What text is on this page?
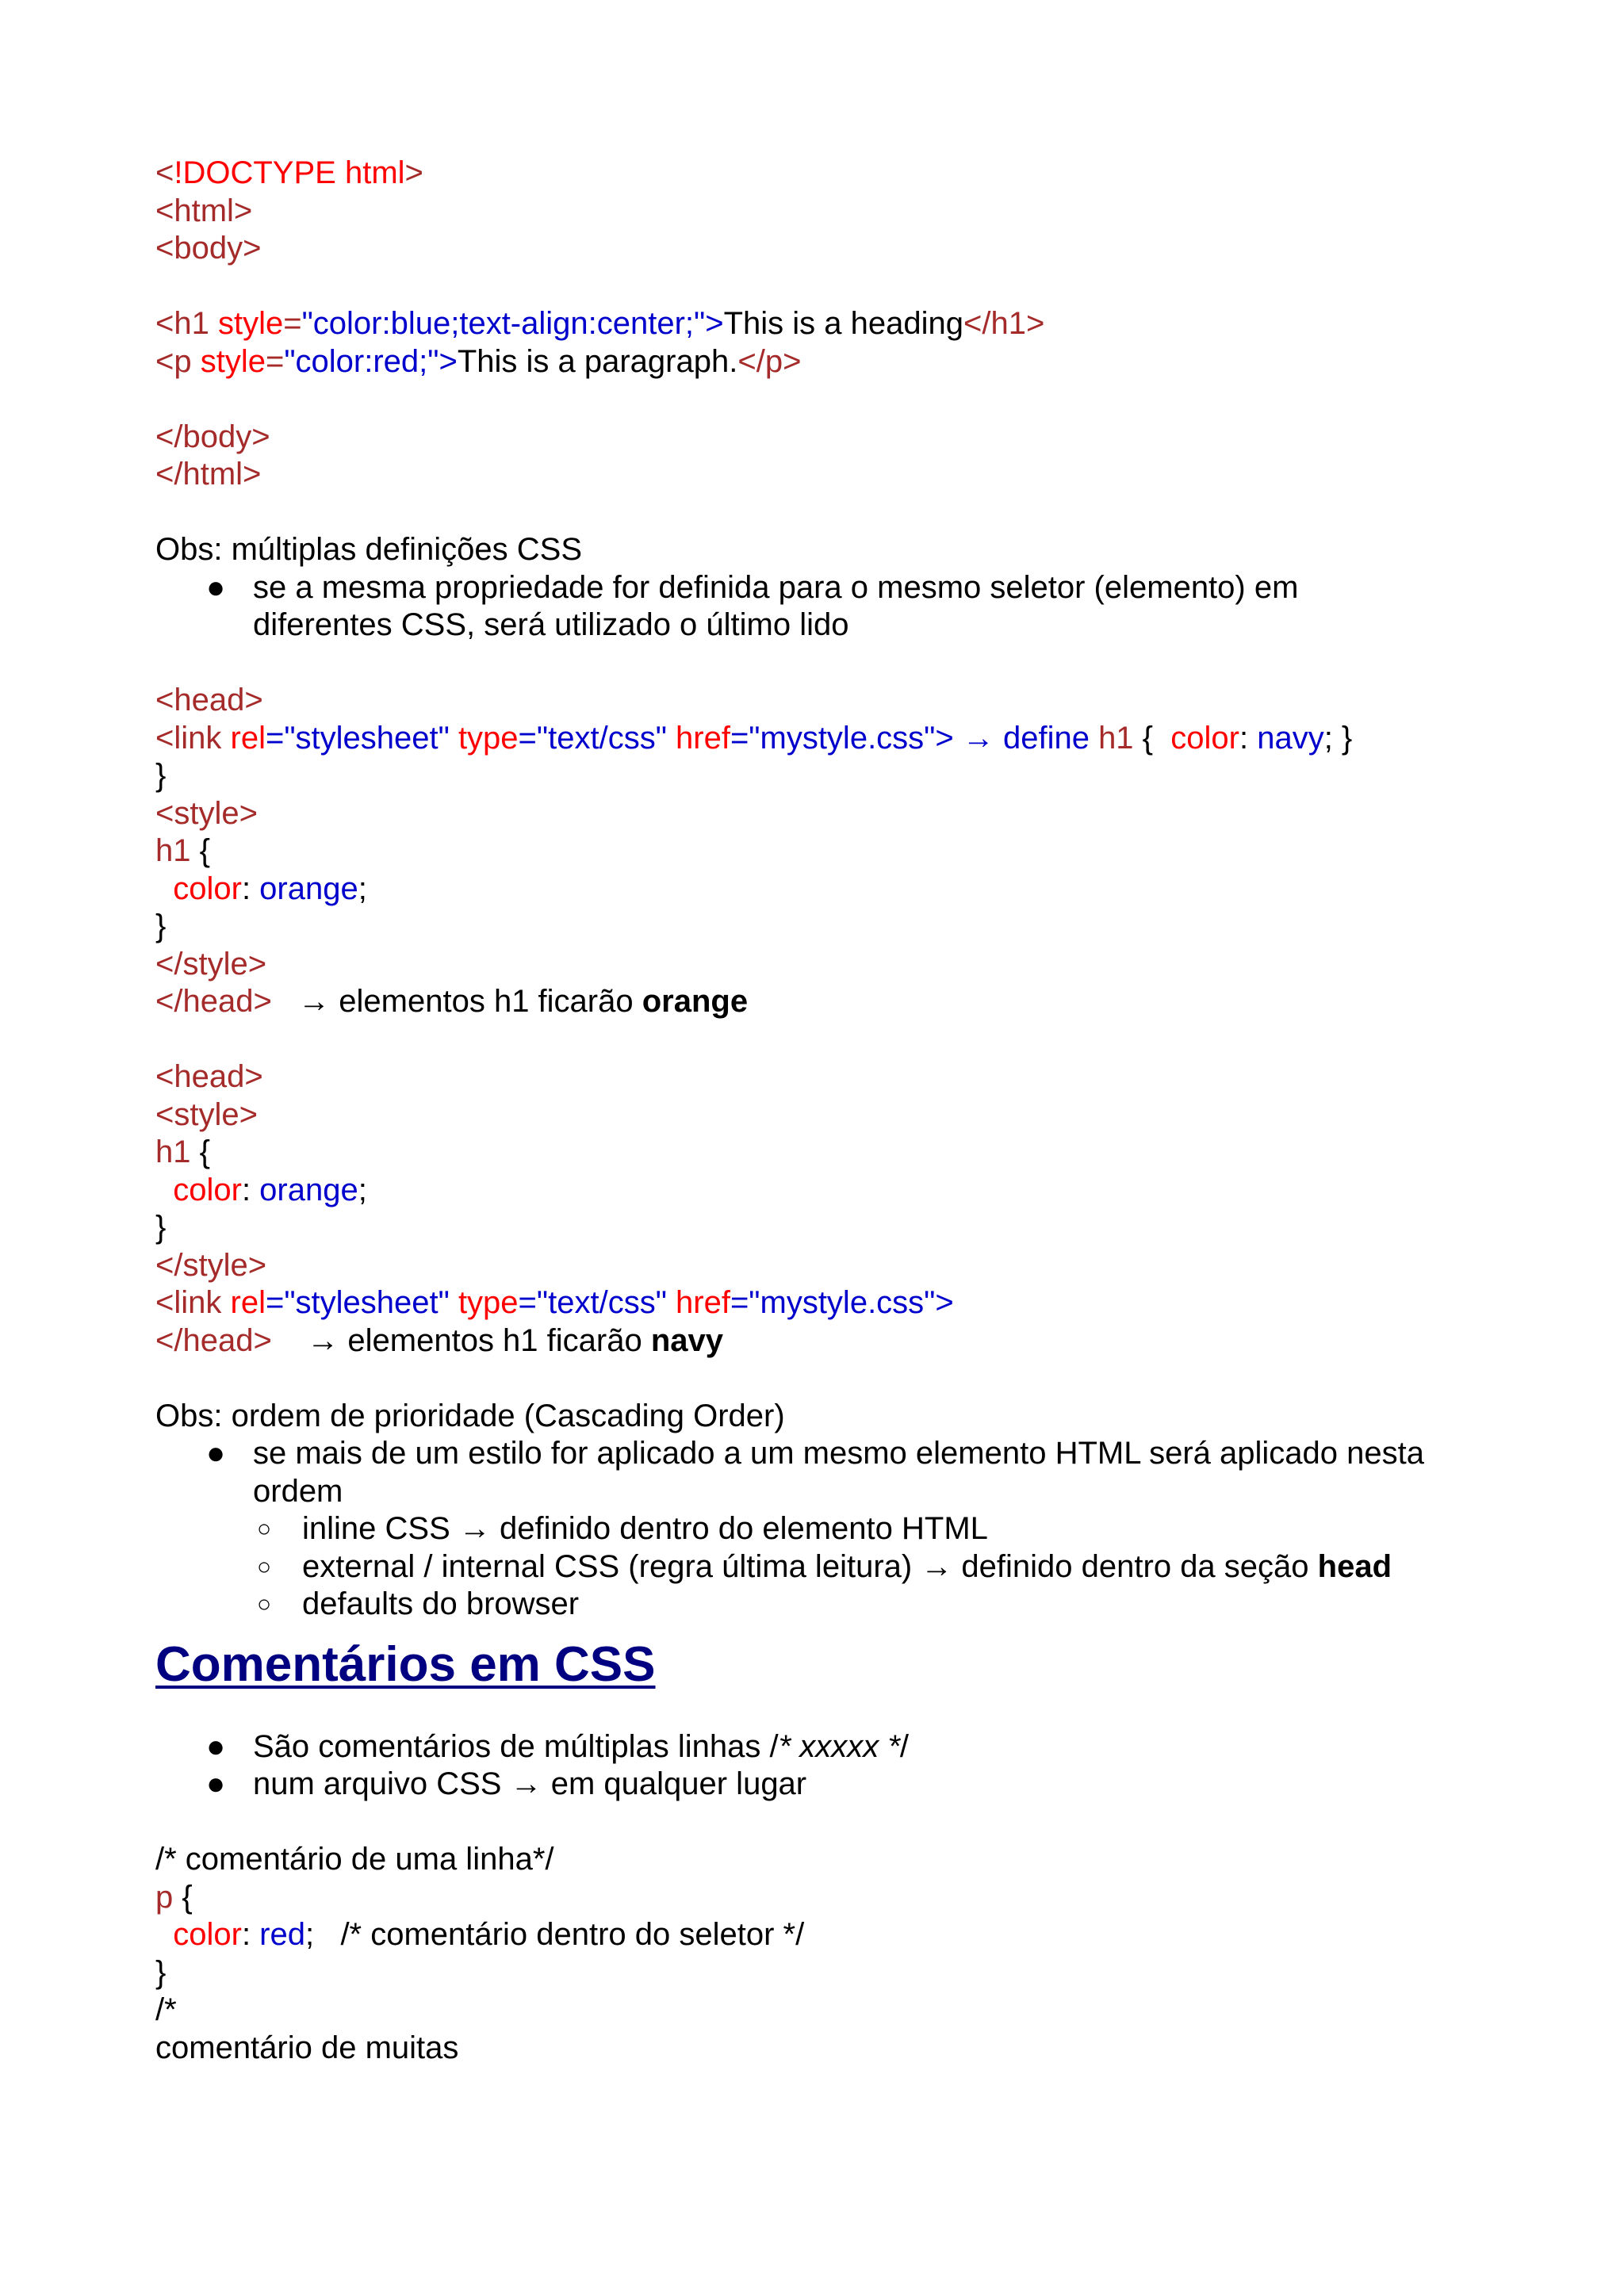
<!DOCTYPE html>
<html>
<body>
<h1 style="color:blue;text-align:center;">This is a heading</h1>
<p style="color:red;">This is a paragraph.</p>
</body>
</html>
Obs: múltiplas definições CSS
● se a mesma propriedade for definida para o mesmo seletor (elemento) em
diferentes CSS, será utilizado o último lido
<head>
<link rel="stylesheet" type="text/css" href="mystyle.css"> → define h1 {  color: navy; }
}
<style>
h1 {
color: orange;
}
</style>
</head>   → elementos h1 ficarão orange
<head>
<style>
h1 {
color: orange;
}
</style>
<link rel="stylesheet" type="text/css" href="mystyle.css">
</head>    → elementos h1 ficarão navy
Obs: ordem de prioridade (Cascading Order)
● se mais de um estilo for aplicado a um mesmo elemento HTML será aplicado nesta
ordem
○ inline CSS → definido dentro do elemento HTML
○ external / internal CSS (regra última leitura) → definido dentro da seção head
○ defaults do browser
Comentários em CSS
● São comentários de múltiplas linhas /* xxxxx */
● num arquivo CSS → em qualquer lugar
/* comentário de uma linha*/
p {
color: red;   /* comentário dentro do seletor */
}
/*
comentário de muitas
